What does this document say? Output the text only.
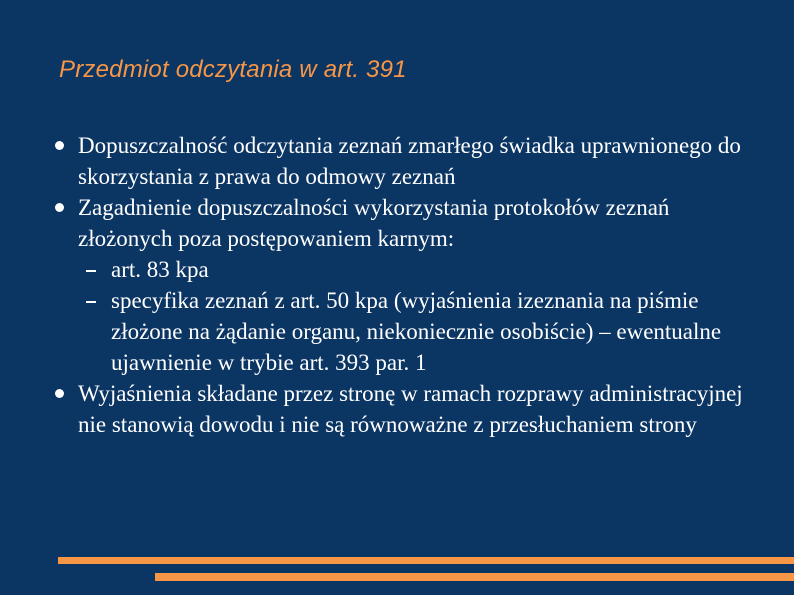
Przedmiot odczytania w art. 391
Dopuszczalność odczytania zeznań zmarłego świadka uprawnionego do skorzystania z prawa do odmowy zeznań
Zagadnienie dopuszczalności wykorzystania protokołów zeznań złożonych poza postępowaniem karnym:
art. 83 kpa
specyfika zeznań z art. 50 kpa (wyjaśnienia izeznania na piśmie złożone na żądanie organu, niekoniecznie osobiście) – ewentualne ujawnienie w trybie art. 393 par. 1
Wyjaśnienia składane przez stronę w ramach rozprawy administracyjnej nie stanowią dowodu i nie są równoważne z przesłuchaniem strony
